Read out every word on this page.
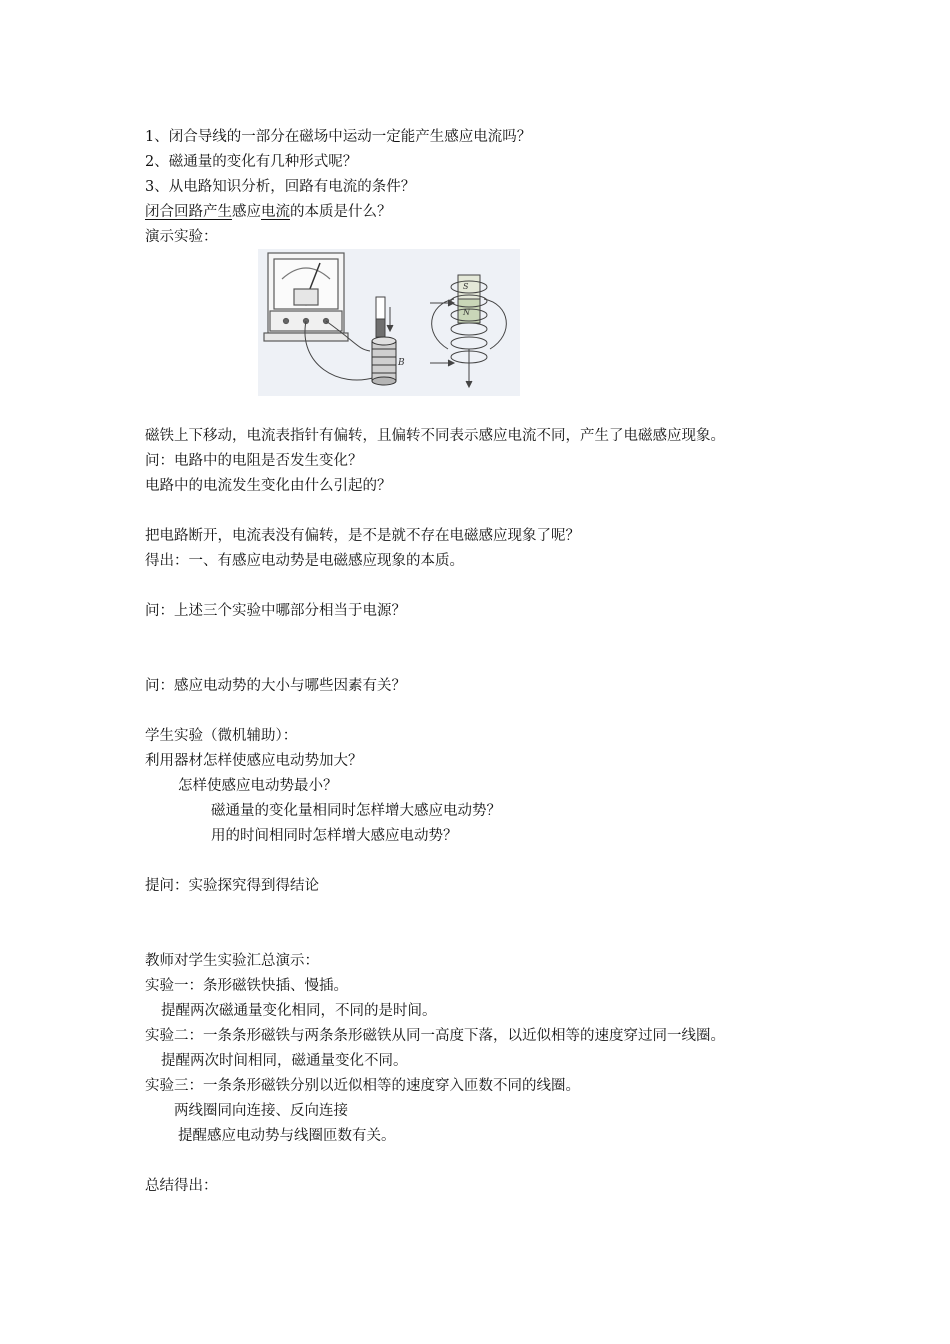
1、闭合导线的一部分在磁场中运动一定能产生感应电流吗？
2、磁通量的变化有几种形式呢？
3、从电路知识分析，回路有电流的条件？
闭合回路产生感应电流的本质是什么？
演示实验：
B
S
N
磁铁上下移动，电流表指针有偏转，且偏转不同表示感应电流不同，产生了电磁感应现象。
问：电路中的电阻是否发生变化？
电路中的电流发生变化由什么引起的？
把电路断开，电流表没有偏转，是不是就不存在电磁感应现象了呢？
得出：一、有感应电动势是电磁感应现象的本质。
问：上述三个实验中哪部分相当于电源？
问：感应电动势的大小与哪些因素有关？
学生实验（微机辅助）：
利用器材怎样使感应电动势加大？
怎样使感应电动势最小？
磁通量的变化量相同时怎样增大感应电动势？
用的时间相同时怎样增大感应电动势？
提问：实验探究得到得结论
教师对学生实验汇总演示：
实验一：条形磁铁快插、慢插。
提醒两次磁通量变化相同，不同的是时间。
实验二：一条条形磁铁与两条条形磁铁从同一高度下落，以近似相等的速度穿过同一线圈。
提醒两次时间相同，磁通量变化不同。
实验三：一条条形磁铁分别以近似相等的速度穿入匝数不同的线圈。
两线圈同向连接、反向连接
提醒感应电动势与线圈匝数有关。
总结得出：
